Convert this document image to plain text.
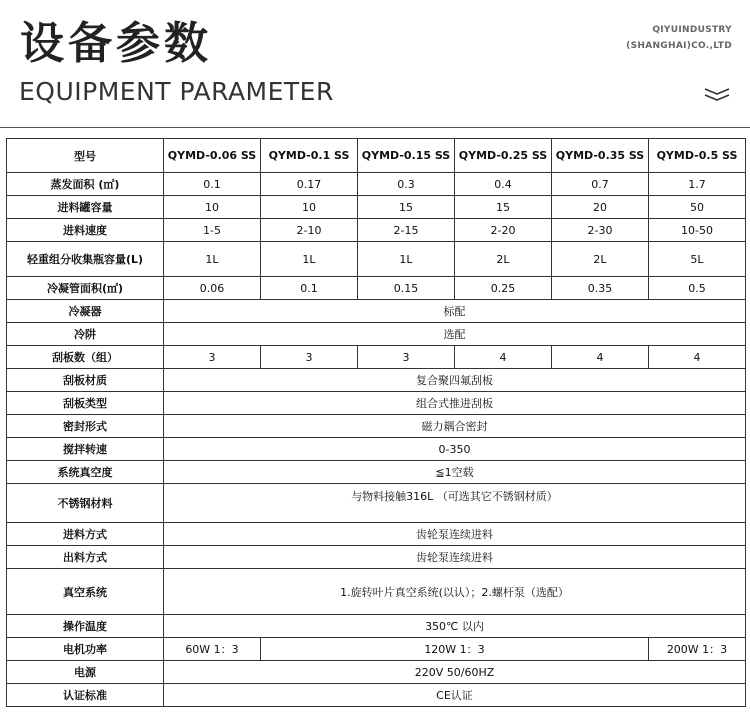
设备参数
EQUIPMENT PARAMETER
QIYUINDUSTRY
(SHANGHAI)CO.,LTD
型号	QYMD-0.06 SS	QYMD-0.1 SS	QYMD-0.15 SS	QYMD-0.25 SS	QYMD-0.35 SS	QYMD-0.5 SS
蒸发面积 (㎡)	0.1	0.17	0.3	0.4	0.7	1.7
进料罐容量	10	10	15	15	20	50
进料速度	1-5	2-10	2-15	2-20	2-30	10-50
轻重组分收集瓶容量(L)	1L	1L	1L	2L	2L	5L
冷凝管面积(㎡)	0.06	0.1	0.15	0.25	0.35	0.5
冷凝器	标配					
冷阱	选配					
刮板数（组）	3	3	3	4	4	4
刮板材质	复合聚四氟刮板					
刮板类型	组合式推进刮板					
密封形式	磁力耦合密封					
搅拌转速	0-350					
系统真空度	≦1空载					
不锈钢材料	与物料接触316L （可选其它不锈钢材质）					
进料方式	齿轮泵连续进料					
出料方式	齿轮泵连续进料					
真空系统	1.旋转叶片真空系统(以认）；2.螺杆泵（选配）					
操作温度	350℃ 以内					
电机功率	60W 1：3	120W 1：3				200W 1：3
电源	220V 50/60HZ					
认证标准	CE认证					
